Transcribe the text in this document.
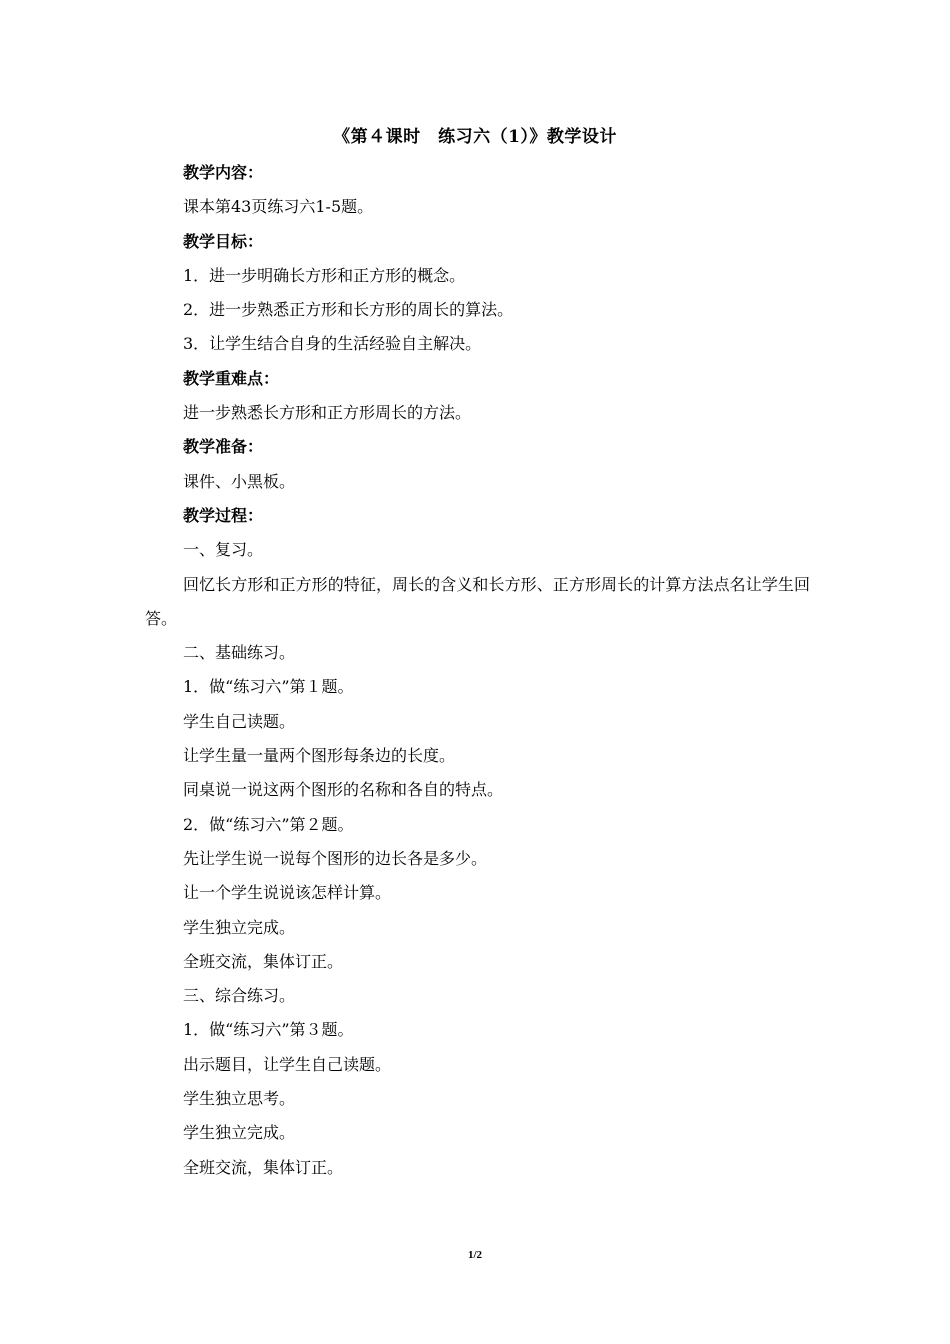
《第４课时　练习六（1）》教学设计
教学内容：
课本第43页练习六1-5题。
教学目标：
1．进一步明确长方形和正方形的概念。
2．进一步熟悉正方形和长方形的周长的算法。
3．让学生结合自身的生活经验自主解决。
教学重难点：
进一步熟悉长方形和正方形周长的方法。
教学准备：
课件、小黑板。
教学过程：
一、复习。
回忆长方形和正方形的特征，周长的含义和长方形、正方形周长的计算方法点名让学生回答。
二、基础练习。
1．做“练习六”第１题。
学生自己读题。
让学生量一量两个图形每条边的长度。
同桌说一说这两个图形的名称和各自的特点。
2．做“练习六”第２题。
先让学生说一说每个图形的边长各是多少。
让一个学生说说该怎样计算。
学生独立完成。
全班交流，集体订正。
三、综合练习。
1．做“练习六”第３题。
出示题目，让学生自己读题。
学生独立思考。
学生独立完成。
全班交流，集体订正。
1/2
